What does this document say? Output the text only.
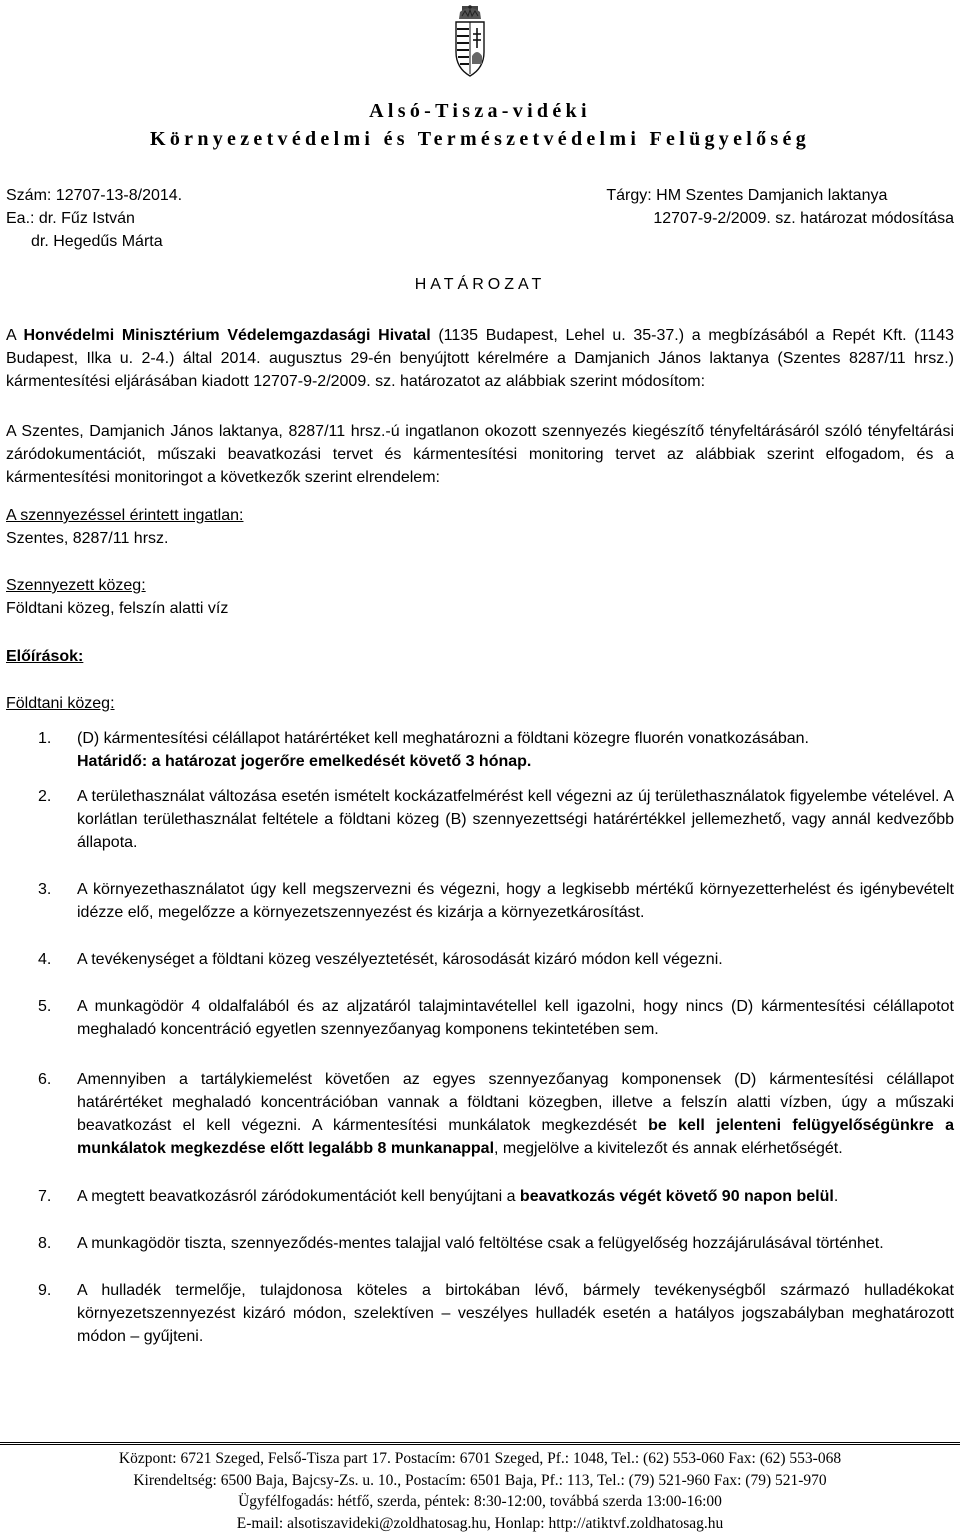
Alsó-Tisza-vidéki
Környezetvédelmi és Természetvédelmi Felügyelőség
Szám: 12707-13-8/2014.
Ea.: dr. Fűz István
dr. Hegedűs Márta
Tárgy: HM Szentes Damjanich laktanya
12707-9-2/2009. sz. határozat módosítása
HATÁROZAT
A Honvédelmi Minisztérium Védelemgazdasági Hivatal (1135 Budapest, Lehel u. 35-37.) a megbízásából a Repét Kft. (1143 Budapest, Ilka u. 2-4.) által 2014. augusztus 29-én benyújtott kérelmére a Damjanich János laktanya (Szentes 8287/11 hrsz.) kármentesítési eljárásában kiadott 12707-9-2/2009. sz. határozatot az alábbiak szerint módosítom:
A Szentes, Damjanich János laktanya, 8287/11 hrsz.-ú ingatlanon okozott szennyezés kiegészítő tényfeltárásáról szóló tényfeltárási záródokumentációt, műszaki beavatkozási tervet és kármentesítési monitoring tervet az alábbiak szerint elfogadom, és a kármentesítési monitoringot a következők szerint elrendelem:
A szennyezéssel érintett ingatlan:
Szentes, 8287/11 hrsz.
Szennyezett közeg:
Földtani közeg, felszín alatti víz
Előírások:
Földtani közeg:
1.	(D) kármentesítési célállapot határértéket kell meghatározni a földtani közegre fluorén vonatkozásában.
Határidő: a határozat jogerőre emelkedését követő 3 hónap.
2.	A területhasználat változása esetén ismételt kockázatfelmérést kell végezni az új területhasználatok figyelembe vételével. A korlátlan területhasználat feltétele a földtani közeg (B) szennyezettségi határértékkel jellemezhető, vagy annál kedvezőbb állapota.
3.	A környezethasználatot úgy kell megszervezni és végezni, hogy a legkisebb mértékű környezetterhelést és igénybevételt idézze elő, megelőzze a környezetszennyezést és kizárja a környezetkárosítást.
4.	A tevékenységet a földtani közeg veszélyeztetését, károsodását kizáró módon kell végezni.
5.	A munkagödör 4 oldalfalából és az aljzatáról talajmintavétellel kell igazolni, hogy nincs (D) kármentesítési célállapotot meghaladó koncentráció egyetlen szennyezőanyag komponens tekintetében sem.
6.	Amennyiben a tartálykiemelést követően az egyes szennyezőanyag komponensek (D) kármentesítési célállapot határértéket meghaladó koncentrációban vannak a földtani közegben, illetve a felszín alatti vízben, úgy a műszaki beavatkozást el kell végezni. A kármentesítési munkálatok megkezdését be kell jelenteni felügyelőségünkre a munkálatok megkezdése előtt legalább 8 munkanappal, megjelölve a kivitelezőt és annak elérhetőségét.
7.	A megtett beavatkozásról záródokumentációt kell benyújtani a beavatkozás végét követő 90 napon belül.
8.	A munkagödör tiszta, szennyeződés-mentes talajjal való feltöltése csak a felügyelőség hozzájárulásával történhet.
9.	A hulladék termelője, tulajdonosa köteles a birtokában lévő, bármely tevékenységből származó hulladékokat környezetszennyezést kizáró módon, szelektíven – veszélyes hulladék esetén a hatályos jogszabályban meghatározott módon – gyűjteni.
Központ: 6721 Szeged, Felső-Tisza part 17. Postacím: 6701 Szeged, Pf.: 1048, Tel.: (62) 553-060 Fax: (62) 553-068
Kirendeltség: 6500 Baja, Bajcsy-Zs. u. 10., Postacím: 6501 Baja, Pf.: 113, Tel.: (79) 521-960 Fax: (79) 521-970
Ügyfélfogadás: hétfő, szerda, péntek: 8:30-12:00, továbbá szerda 13:00-16:00
E-mail: alsotiszavideki@zoldhatosag.hu, Honlap: http://atiktvf.zoldhatosag.hu
